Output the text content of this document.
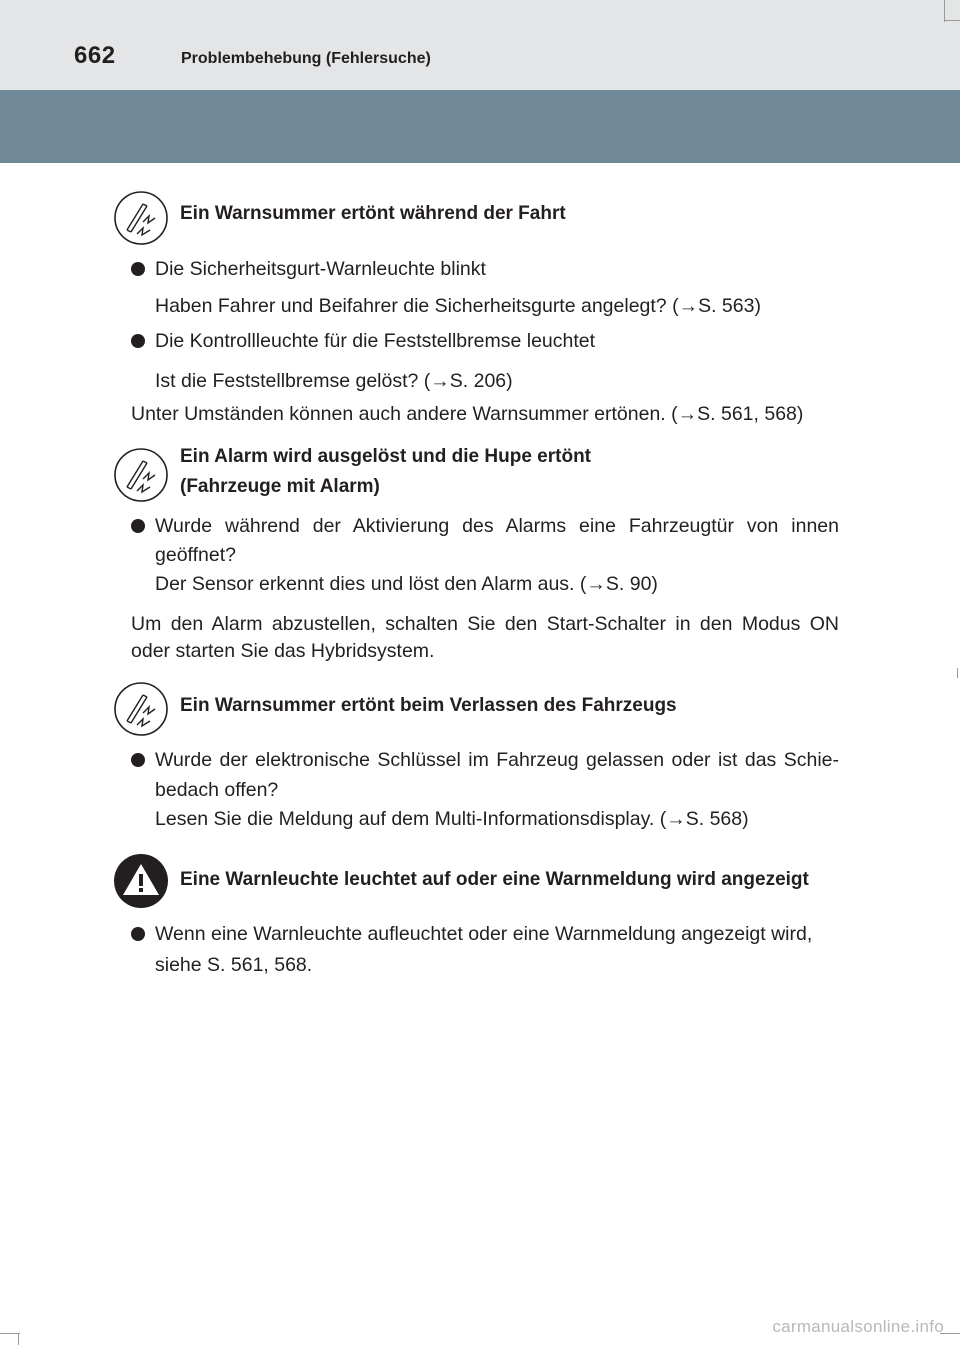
662	Problembehebung (Fehlersuche)
Ein Warnsummer ertönt während der Fahrt
Die Sicherheitsgurt-Warnleuchte blinkt
Haben Fahrer und Beifahrer die Sicherheitsgurte angelegt? (→S. 563)
Die Kontrollleuchte für die Feststellbremse leuchtet
Ist die Feststellbremse gelöst? (→S. 206)
Unter Umständen können auch andere Warnsummer ertönen. (→S. 561, 568)
Ein Alarm wird ausgelöst und die Hupe ertönt
(Fahrzeuge mit Alarm)
Wurde während der Aktivierung des Alarms eine Fahrzeugtür von innen
geöffnet?
Der Sensor erkennt dies und löst den Alarm aus. (→S. 90)
Um den Alarm abzustellen, schalten Sie den Start-Schalter in den Modus ON
oder starten Sie das Hybridsystem.
Ein Warnsummer ertönt beim Verlassen des Fahrzeugs
Wurde der elektronische Schlüssel im Fahrzeug gelassen oder ist das Schie-
bedach offen?
Lesen Sie die Meldung auf dem Multi-Informationsdisplay. (→S. 568)
Eine Warnleuchte leuchtet auf oder eine Warnmeldung wird angezeigt
Wenn eine Warnleuchte aufleuchtet oder eine Warnmeldung angezeigt wird,
siehe S. 561, 568.
carmanualsonline.info
